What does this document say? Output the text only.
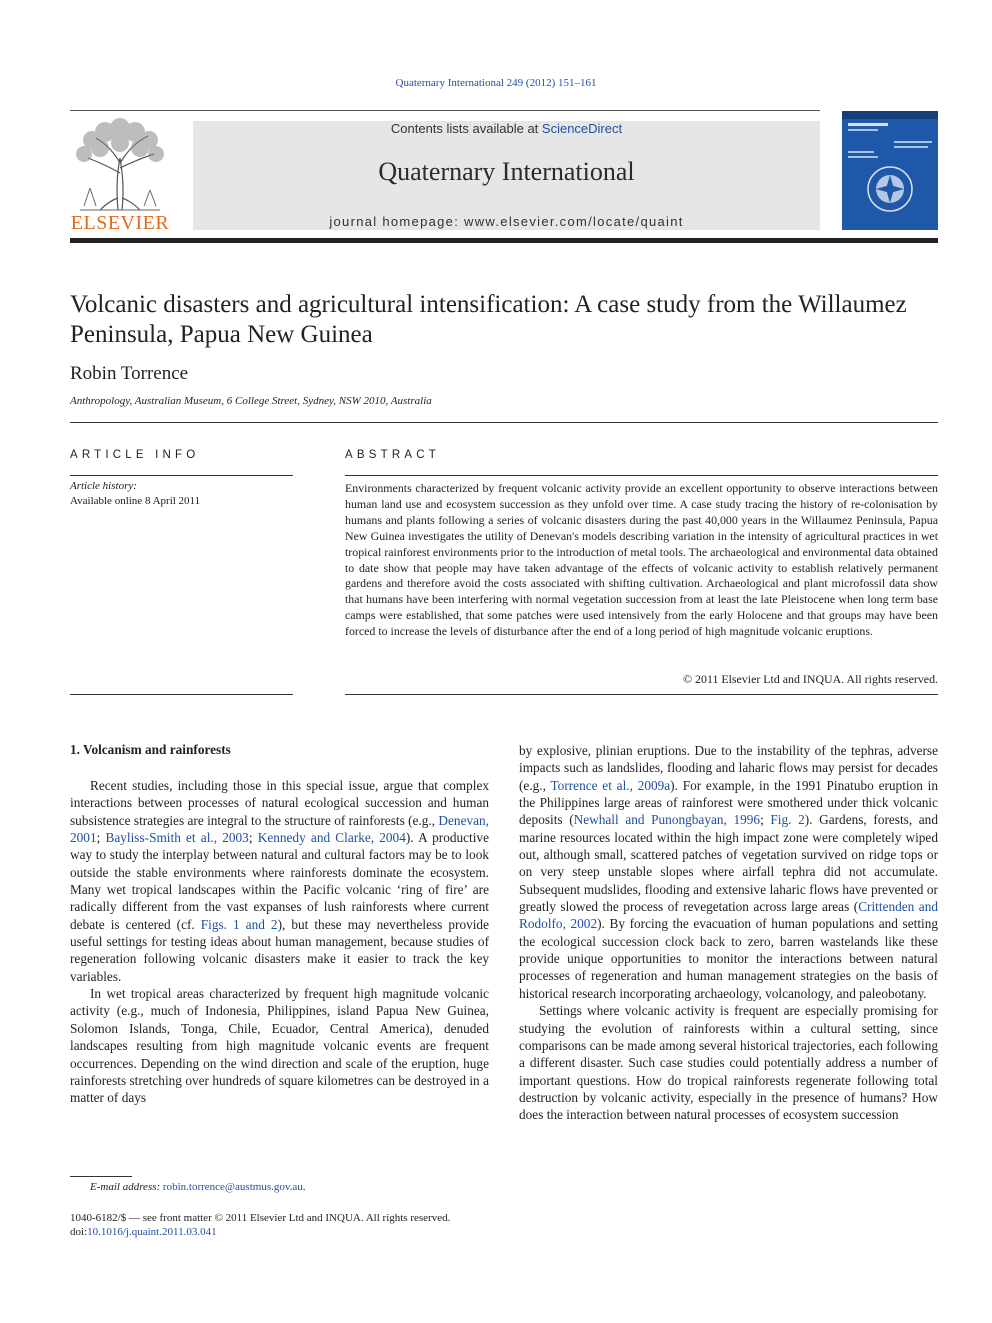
Quaternary International 249 (2012) 151–161
ELSEVIER
Contents lists available at ScienceDirect
Quaternary International
journal homepage: www.elsevier.com/locate/quaint
Volcanic disasters and agricultural intensification: A case study from the Willaumez Peninsula, Papua New Guinea
Robin Torrence
Anthropology, Australian Museum, 6 College Street, Sydney, NSW 2010, Australia
ARTICLE INFO
Article history:
Available online 8 April 2011
ABSTRACT
Environments characterized by frequent volcanic activity provide an excellent opportunity to observe interactions between human land use and ecosystem succession as they unfold over time. A case study tracing the history of re-colonisation by humans and plants following a series of volcanic disasters during the past 40,000 years in the Willaumez Peninsula, Papua New Guinea investigates the utility of Denevan's models describing variation in the intensity of agricultural practices in wet tropical rainforest environments prior to the introduction of metal tools. The archaeological and environmental data obtained to date show that people may have taken advantage of the effects of volcanic activity to establish relatively permanent gardens and therefore avoid the costs associated with shifting cultivation. Archaeological and plant microfossil data show that humans have been interfering with normal vegetation succession from at least the late Pleistocene when long term base camps were established, that some patches were used intensively from the early Holocene and that groups may have been forced to increase the levels of disturbance after the end of a long period of high magnitude volcanic eruptions.
© 2011 Elsevier Ltd and INQUA. All rights reserved.
1. Volcanism and rainforests

Recent studies, including those in this special issue, argue that complex interactions between processes of natural ecological succession and human subsistence strategies are integral to the structure of rainforests (e.g., Denevan, 2001; Bayliss-Smith et al., 2003; Kennedy and Clarke, 2004). A productive way to study the interplay between natural and cultural factors may be to look outside the stable environments where rainforests dominate the ecosystem. Many wet tropical landscapes within the Pacific volcanic ‘ring of fire’ are radically different from the vast expanses of lush rainforests where current debate is centered (cf. Figs. 1 and 2), but these may nevertheless provide useful settings for testing ideas about human management, because studies of regeneration following volcanic disasters make it easier to track the key variables.

In wet tropical areas characterized by frequent high magnitude volcanic activity (e.g., much of Indonesia, Philippines, island Papua New Guinea, Solomon Islands, Tonga, Chile, Ecuador, Central America), denuded landscapes resulting from high magnitude volcanic events are frequent occurrences. Depending on the wind direction and scale of the eruption, huge rainforests stretching over hundreds of square kilometres can be destroyed in a matter of days

by explosive, plinian eruptions. Due to the instability of the tephras, adverse impacts such as landslides, flooding and laharic flows may persist for decades (e.g., Torrence et al., 2009a). For example, in the 1991 Pinatubo eruption in the Philippines large areas of rainforest were smothered under thick volcanic deposits (Newhall and Punongbayan, 1996; Fig. 2). Gardens, forests, and marine resources located within the high impact zone were completely wiped out, although small, scattered patches of vegetation survived on ridge tops or on very steep unstable slopes where airfall tephra did not accumulate. Subsequent mudslides, flooding and extensive laharic flows have prevented or greatly slowed the process of revegetation across large areas (Crittenden and Rodolfo, 2002). By forcing the evacuation of human populations and setting the ecological succession clock back to zero, barren wastelands like these provide unique opportunities to monitor the interactions between natural processes of regeneration and human management strategies on the basis of historical research incorporating archaeology, volcanology, and paleobotany.

Settings where volcanic activity is frequent are especially promising for studying the evolution of rainforests within a cultural setting, since comparisons can be made among several historical trajectories, each following a different disaster. Such case studies could potentially address a number of important questions. How do tropical rainforests regenerate following total destruction by volcanic activity, especially in the presence of humans? How does the interaction between natural processes of ecosystem succession

E-mail address: robin.torrence@austmus.gov.au.
1040-6182/$ — see front matter © 2011 Elsevier Ltd and INQUA. All rights reserved.
doi:10.1016/j.quaint.2011.03.041
